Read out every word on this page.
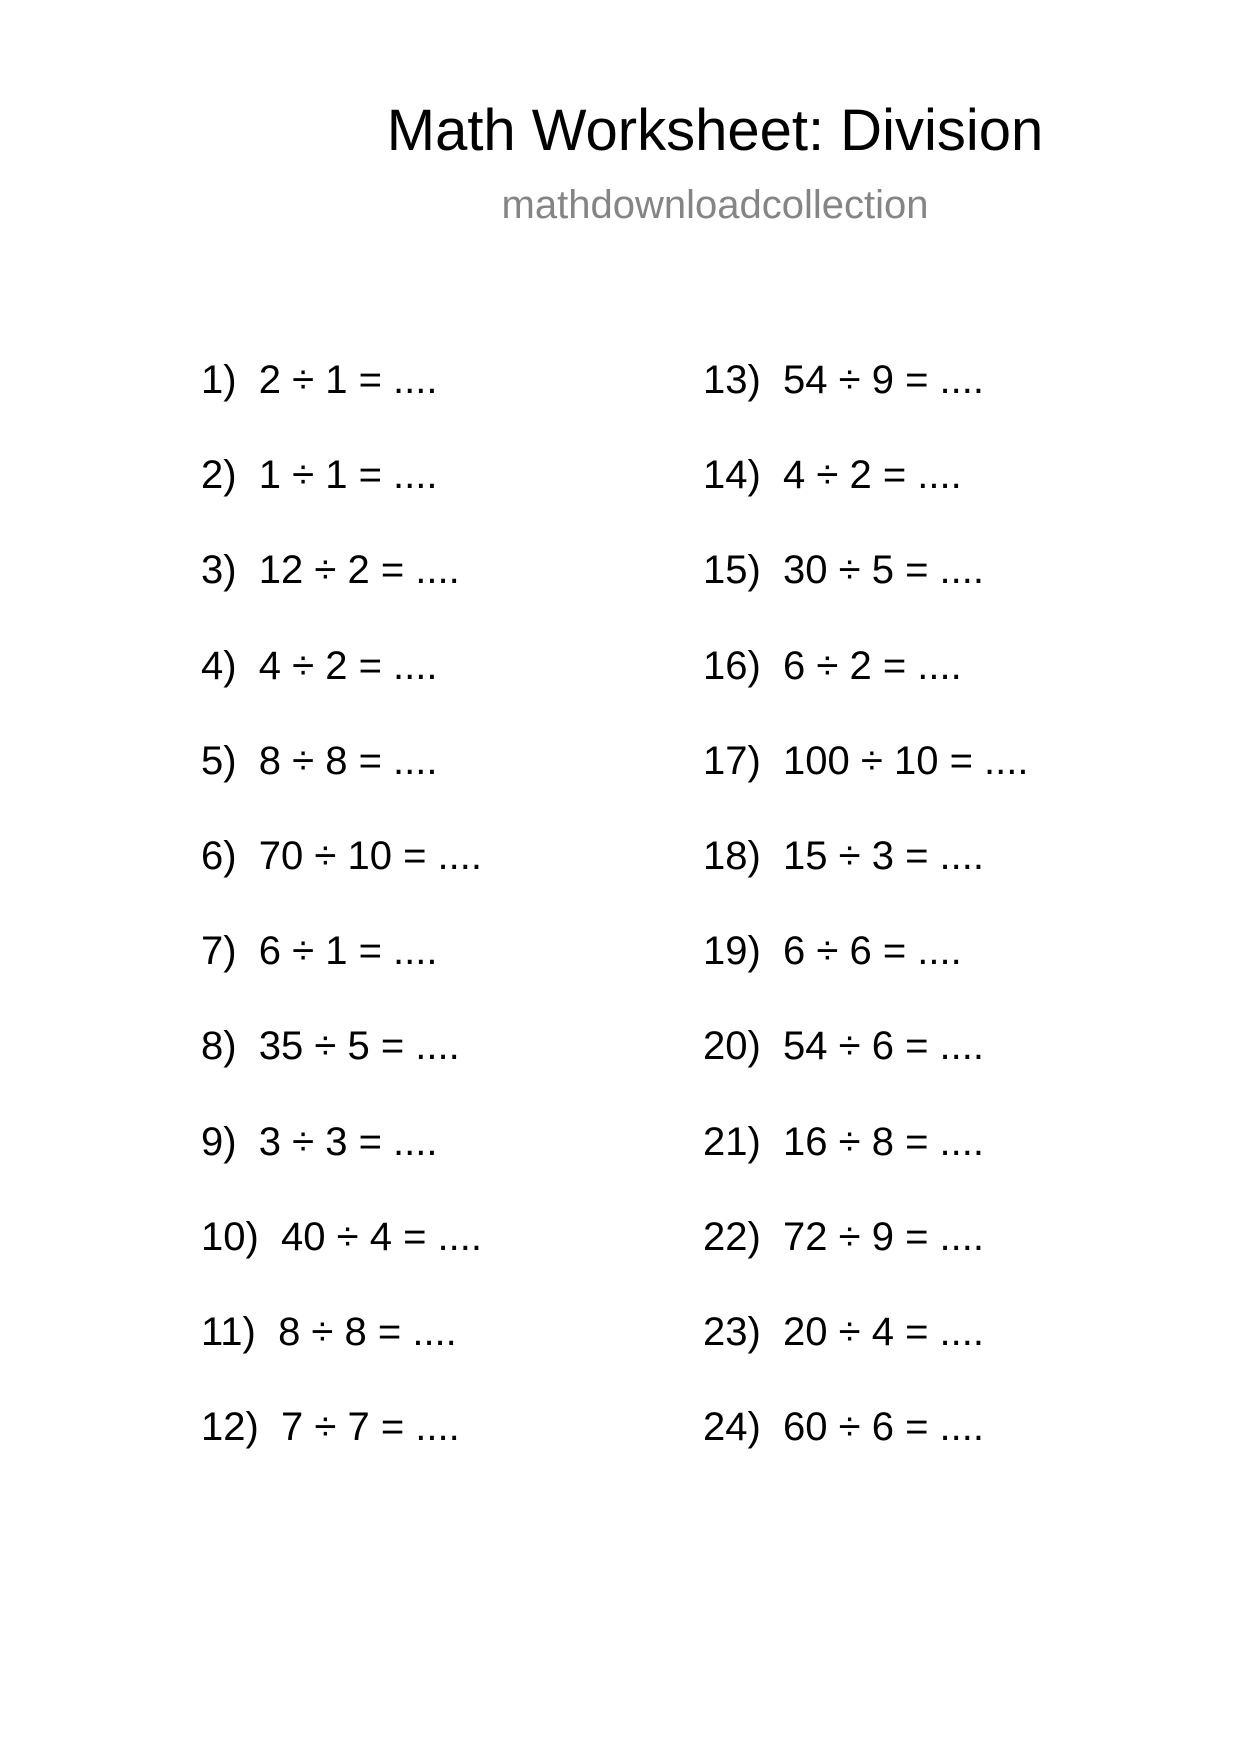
Math Worksheet: Division
mathdownloadcollection
1)  2 ÷ 1 = ....
2)  1 ÷ 1 = ....
3)  12 ÷ 2 = ....
4)  4 ÷ 2 = ....
5)  8 ÷ 8 = ....
6)  70 ÷ 10 = ....
7)  6 ÷ 1 = ....
8)  35 ÷ 5 = ....
9)  3 ÷ 3 = ....
10)  40 ÷ 4 = ....
11)  8 ÷ 8 = ....
12)  7 ÷ 7 = ....
13)  54 ÷ 9 = ....
14)  4 ÷ 2 = ....
15)  30 ÷ 5 = ....
16)  6 ÷ 2 = ....
17)  100 ÷ 10 = ....
18)  15 ÷ 3 = ....
19)  6 ÷ 6 = ....
20)  54 ÷ 6 = ....
21)  16 ÷ 8 = ....
22)  72 ÷ 9 = ....
23)  20 ÷ 4 = ....
24)  60 ÷ 6 = ....
